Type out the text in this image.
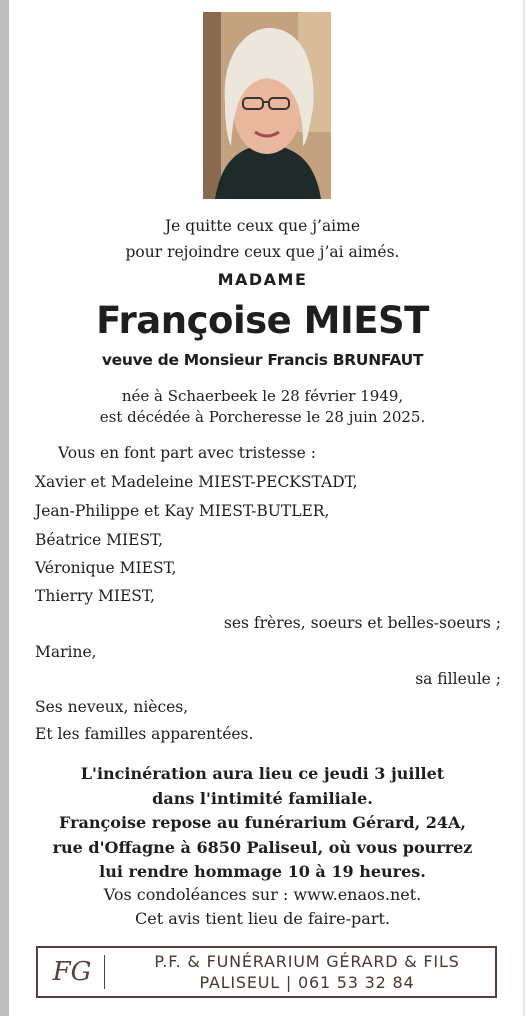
Je quitte ceux que j’aime
pour rejoindre ceux que j’ai aimés.
MADAME
Françoise MIEST
veuve de Monsieur Francis BRUNFAUT
née à Schaerbeek le 28 février 1949,
est décédée à Porcheresse le 28 juin 2025.
Vous en font part avec tristesse :
Xavier et Madeleine MIEST-PECKSTADT,
Jean-Philippe et Kay MIEST-BUTLER,
Béatrice MIEST,
Véronique MIEST,
Thierry MIEST,
ses frères, soeurs et belles-soeurs ;
Marine,
sa filleule ;
Ses neveux, nièces,
Et les familles apparentées.
L'incinération aura lieu ce jeudi 3 juillet
dans l'intimité familiale.
Françoise repose au funérarium Gérard, 24A,
rue d'Offagne à 6850 Paliseul, où vous pourrez
lui rendre hommage 10 à 19 heures.
Vos condoléances sur : www.enaos.net.
Cet avis tient lieu de faire-part.
FG	P.F. & FUNÉRARIUM GÉRARD & FILS
PALISEUL | 061 53 32 84
